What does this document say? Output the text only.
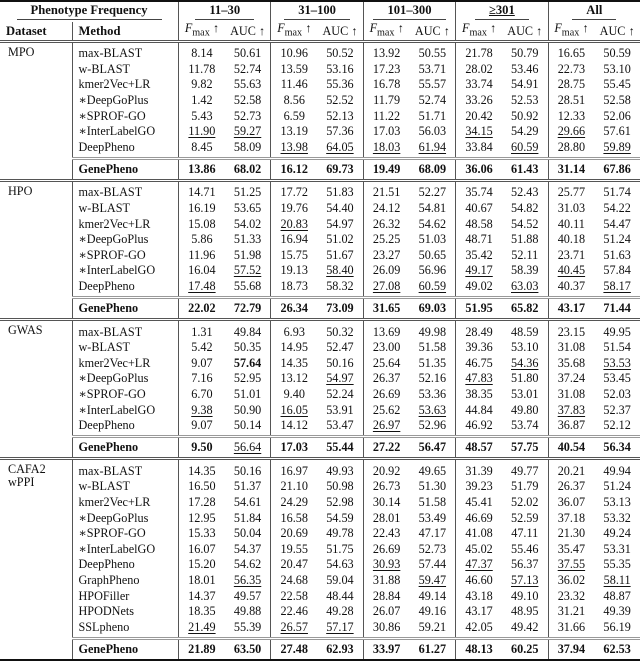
Phenotype Frequency		11–30		31–100		101–300		≥301		All	
Dataset	Method	$F_{max}$ ↑	AUC ↑	$F_{max}$ ↑	AUC ↑	$F_{max}$ ↑	AUC ↑	$F_{max}$ ↑	AUC ↑	$F_{max}$ ↑	AUC ↑

MPO	max-BLAST	8.14	50.61	10.96	50.52	13.92	50.55	21.78	50.79	16.65	50.59
	w-BLAST	11.78	52.74	13.59	53.16	17.23	53.71	28.02	53.46	22.73	53.10
	kmer2Vec+LR	9.82	55.63	11.46	55.36	16.78	55.57	33.74	54.91	28.75	55.45
	∗DeepGoPlus	1.42	52.58	8.56	52.52	11.79	52.74	33.26	52.53	28.51	52.58
	∗SPROF-GO	5.43	52.73	6.59	52.13	11.22	51.71	20.42	50.92	12.33	52.06
	∗InterLabelGO	11.90	59.27	13.19	57.36	17.03	56.03	34.15	54.29	29.66	57.61
	DeepPheno	8.45	58.09	13.98	64.05	18.03	61.94	33.84	60.59	28.80	59.89
	GenePheno	13.86	68.02	16.12	69.73	19.49	68.09	36.06	61.43	31.14	67.86

HPO	max-BLAST	14.71	51.25	17.72	51.83	21.51	52.27	35.74	52.43	25.77	51.74
	w-BLAST	16.19	53.65	19.76	54.40	24.12	54.81	40.67	54.82	31.03	54.22
	kmer2Vec+LR	15.08	54.02	20.83	54.97	26.32	54.62	48.58	54.52	40.11	54.47
	∗DeepGoPlus	5.86	51.33	16.94	51.02	25.25	51.03	48.71	51.88	40.18	51.24
	∗SPROF-GO	11.96	51.98	15.75	51.67	23.27	50.65	35.42	52.11	23.71	51.63
	∗InterLabelGO	16.04	57.52	19.13	58.40	26.09	56.96	49.17	58.39	40.45	57.84
	DeepPheno	17.48	55.68	18.73	58.32	27.08	60.59	49.02	63.03	40.37	58.17
	GenePheno	22.02	72.79	26.34	73.09	31.65	69.03	51.95	65.82	43.17	71.44

GWAS	max-BLAST	1.31	49.84	6.93	50.32	13.69	49.98	28.49	48.59	23.15	49.95
	w-BLAST	5.42	50.35	14.95	52.47	23.00	51.58	39.36	53.10	31.08	51.54
	kmer2Vec+LR	9.07	57.64	14.35	50.16	25.64	51.35	46.75	54.36	35.68	53.53
	∗DeepGoPlus	7.16	52.95	13.12	54.97	26.37	52.16	47.83	51.80	37.24	53.45
	∗SPROF-GO	6.70	51.01	9.40	52.24	26.69	53.36	38.35	53.01	31.08	52.03
	∗InterLabelGO	9.38	50.90	16.05	53.91	25.62	53.63	44.84	49.80	37.83	52.37
	DeepPheno	9.07	50.14	14.12	53.47	26.97	52.96	46.92	53.74	36.87	52.12
	GenePheno	9.50	56.64	17.03	55.44	27.22	56.47	48.57	57.75	40.54	56.34

CAFA2
wPPI	max-BLAST	14.35	50.16	16.97	49.93	20.92	49.65	31.39	49.77	20.21	49.94
	w-BLAST	16.50	51.37	21.10	50.98	26.73	51.30	39.23	51.79	26.37	51.24
	kmer2Vec+LR	17.28	54.61	24.29	52.98	30.14	51.58	45.41	52.02	36.07	53.13
	∗DeepGoPlus	12.95	51.84	16.58	54.59	28.01	53.49	46.69	52.59	37.18	53.32
	∗SPROF-GO	15.33	50.04	20.69	49.78	22.43	47.17	41.08	47.11	21.30	49.24
	∗InterLabelGO	16.07	54.37	19.55	51.75	26.69	52.73	45.02	55.46	35.47	53.31
	DeepPheno	15.20	54.62	20.47	54.63	30.93	57.44	47.37	56.37	37.55	55.35
	GraphPheno	18.01	56.35	24.68	59.04	31.88	59.47	46.60	57.13	36.02	58.11
	HPOFiller	14.37	49.57	22.58	48.44	28.84	49.14	43.18	49.10	23.32	48.87
	HPODNets	18.35	49.88	22.46	49.28	26.07	49.16	43.17	48.95	31.21	49.39
	SSLpheno	21.49	55.39	26.57	57.17	30.86	59.21	42.05	49.42	31.66	56.19
	GenePheno	21.89	63.50	27.48	62.93	33.97	61.27	48.13	60.25	37.94	62.53
